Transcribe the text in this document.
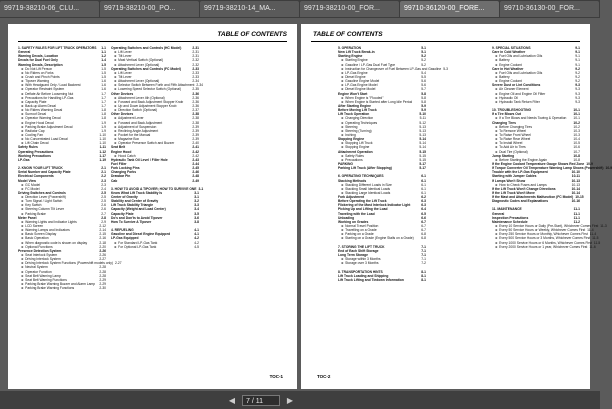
99719-38210-06_CLU...	99719-38210-00_PO...	99719-38210-14_MA...	99719-38210-00_FOR...	99710-36120-00_FORE...	99710-36130-00_FOR...
TABLE OF CONTENTS
1. SAFETY RULES FOR LIFT TRUCK OPERATORS	1-1
General	1-1
Warning Decals, Location	1-2
Decals for Dual Fuel Only	1-4
Warning Decals, Description	1-5
► Do Not Lift Person	1-5
► No Riders on Forks	1-5
► Crush and Pinch Points	1-5
► Tipover Warning	1-6
► With Headguard Only / Load Backrest	1-6
► Operator Restraint System	1-6
► Deflate Air Before Loosening Nut	1-7
► Precautions for Handling LP-Gas	1-7
► Capacity Plate	1-7
► Back-up Alarm Decal	1-7
► No Riders Warning Decal	1-8
► Sunroof Decal	1-8
► Operator Warning Decal	1-8
► Engine Hood Decal	1-9
► Parking Brake Adjustment Decal	1-9
► Radiator Cap	1-9
► Cooling Fan	1-10
► No Concentrated Load Decal	1-10
► Lift Chain Decal	1-10
Safety Rules	1-11
Operating Precautions	1-12
Working Precautions	1-17
LP-Gas	1-19
2. KNOW YOUR LIFT TRUCK	2-1
Serial Number and Capacity Plate	2-1
Electrical Components	2-2
Model View	2-3
► GC Model	2-3
► FC Model	2-4
Driving Switches and Controls	2-5
► Direction Lever (Powershift)	2-5
► Turn Signal / Light Switch	2-5
► Key Switch	2-6
► Steering Column Tilt Lever	2-6
► Parking Brake	2-7
Meter Panel	2-8
► Warning Lights and Indicator Lights	2-9
► LCD Screen	2-12
► Warning Lamps and Indicators	2-14
► Basic Screen Display	2-15
► Basic Operation	2-16
► When diagnostic code is shown on display	2-18
► Optional Functions	2-20
Presence Detection System	2-26
► Seat Interlock System	2-26
► Driving Interlock System	2-27
► Driving Interlock System Functions (Powershift models only) 2-27
► Neutral System	2-28
► Operator Function	2-28
► Seat Belt Warning Lamp	2-28
► Seat Belt Warning Functions	2-29
► Parking Brake Warning Buzzer and Alarm Lamp	2-29
► Parking Brake Warning Functions	2-30
Operating Switches and Controls (HC Model)	2-31
► Lift Lever	2-31
► Tilt Lever	2-31
► Mast Vertical Switch (Optional)	2-32
► Attachment Lever (Optional)	2-32
Operating Switches and Controls (FC Model)	2-33
► Lift Lever	2-33
► Tilt Lever	2-33
► Attachment Lever (Optional)	2-34
► Selector Switch Between Forth and Fifth Attachment 2-34
► Lowering Speed Selector Switch (Optional)	2-35
Other Devices	2-36
► Attachment Lever 4th (Optional)	2-36
► Forward and Back Adjustment Stopper Knob	2-36
► Up and Down Adjustment Stopper Knob	2-36
► Direction Switch (Optional)	2-37
Other Devices	2-38
► Adjustment Lever	2-38
► Forward and Back Adjustment	2-38
► Adjustment of Suspension	2-39
► Reclining Angle Adjustment	2-39
► Pocket for the Manual	2-39
► Magazine Box	2-39
► Operator Presence Switch and Buzzer	2-40
Seat Belt	2-41
Engine Hood	2-42
► Hood Catch	2-42
Hydraulic Tank Oil Level / Filler Hole	2-43
Fuel Filler	2-44
Fork Locking Pins	2-45
Changing Forks	2-46
Drawbar Pin	2-48
Cab	2-49
3. HOW TO AVOID A TIPOVER; HOW TO SURVIVE ONE 3-1
Know What Lift Truck Stability Is	3-1
Center of Gravity	3-1
Stability and Center of Gravity	3-2
Lift Truck Stability Triangle	3-3
Capacity (Weight and Load Center)	3-4
Capacity Plate	3-5
Do's and Don'ts to Avoid Tipover	3-6
How To Survive A Tipover	3-8
4. REFUELING	4-1
Gasoline and Diesel Engine Equipped	4-1
LP-Gas Equipped	4-2
► For Standard LP-Gas Tank	4-2
► For Optional LP-Gas Tank	4-5
TOC-1
TABLE OF CONTENTS
5. OPERATION	5-1
New Lift Truck Break-in	5-1
Starting Engine	5-2
► Starting Engine	5-2
► Gasoline / LP-Gas Dual Fuel Type	5-2
► Instruction for Changeover of Fuel Between LP-Gas and Gasoline 5-3
► LP-Gas Engine	5-4
► Diesel Engine	5-5
► Gasoline Engine Model	5-6
► LP-Gas Engine Model	5-6
► Diesel Engine Model	5-7
Engine Won't Start	5-8
► When Engine is "Flooded"	5-8
► When Engine is Started after Long Idle Period	5-8
After Starting Engine	5-9
Before Moving Lift Truck	5-9
Lift Truck Operation	5-10
► Changing Direction	5-11
► Operating Techniques	5-12
► Steering	5-13
► Steering (Turning)	5-13
► Inching	5-13
Stopping Engine	5-14
► Stopping Lift Truck	5-14
► Stopping Engine	5-14
Attachment Operation	5-15
► Safety Rules	5-15
► Precautions	5-15
PARKING	5-17
Parking Lift Truck (After Stopping)	5-17
6. OPERATING TECHNIQUES	6-1
Stacking Methods	6-1
► Stacking Different Loads in Size	6-1
► Stacking Small Identical Loads	6-1
► Stacking Large Identical Loads	6-1
Fork Adjustment	6-2
Before Operating the Lift Truck	6-3
Flickering of the Mast Interlock Indicator Light	6-3
Picking Up and Lifting the Load	6-4
Traveling with the Load	6-5
Unloading	6-6
Working on Grades	6-7
► Normal Travel Position	6-7
► Travelling on a Grade	6-7
► Parking on a Grade	6-8
► Starting on a Grade (Engine Stalls on a Grade)	6-8
7. STORING THE LIFT TRUCK	7-1
End of Each Shift Storage	7-1
Long Term Storage	7-1
► Storage within 3 Months	7-1
► Storage over 3 Months	7-2
8. TRANSPORTATION HINTS	8-1
Lift Truck Loading and Shipping	8-1
Lift Truck Lifting and Tiedown Information	8-1
9. SPECIAL SITUATIONS	9-1
Care in Cold Weather	9-1
► Fuel Oils and Lubrication Oils	9-1
► Battery	9-1
► Engine Coolant	9-1
Care in Hot Weather	9-2
► Fuel Oils and Lubrication Oils	9-2
► Battery	9-2
► Engine Coolant	9-2
Severe Dust or Lint Conditions	9-3
► Air Cleaner Element	9-3
► Engine Oil and Engine Oil Filter	9-3
► Hydraulic Oil	9-3
► Hydraulic Tank Return Filter	9-3
10. TROUBLESHOOTING	10-1
If a Tire Blows Out	10-1
► If a Tire Blows and Needs Towing & Operation	10-1
Changing Tires	10-2
► Before Changing Tires	10-2
► To Remove Wheel	10-3
► To Raise Front Wheel	10-3
► To Raise Rear Wheel	10-4
► To Install Wheel	10-5
► To Add Air to Tires	10-6
► Dual Tire (Optional)	10-7
Jump Starting	10-8
► Before Starting the Engine Again	10-8
If the Engine Coolant Temperature Gauge Shows Red Zone 10-9
If Torque Converter Oil Temperature Warning Lamp Shows (Powershift) 10-9
Trouble with the LP-Gas Equipment	10-10
Starting with Jumper Cables	10-11
If Lamps Won't Show	10-13
► How to Check Fuses and Lamps	10-13
If the Lift Truck Won't Change Directions	10-14
If the Lift Truck Won't Move	10-14
If the Mast and Attachments Malfunction (FC Model) 10-15
Diagnostic Codes and Explanations	10-16
11. MAINTENANCE	11-1
General	11-1
Inspection Precautions	11-1
Maintenance Schedule	11-2
► Every 10 Service Hours or Daily (Pre-Start), Whichever Comes First 11-3
► Every 50 Service Hours or Weekly, Whichever Comes First 11-4
► Every 250 Service Hours or Monthly, Whichever Comes First 11-4
► Every 500 Service Hours or 3 Months, Whichever Comes First 11-5
► Every 1000 Service Hours or 6 Months, Whichever Comes First 11-5
► Every 2000 Service Hours or 1 year, Whichever Comes First 11-6
TOC-2
◀	7 / 11	▶
